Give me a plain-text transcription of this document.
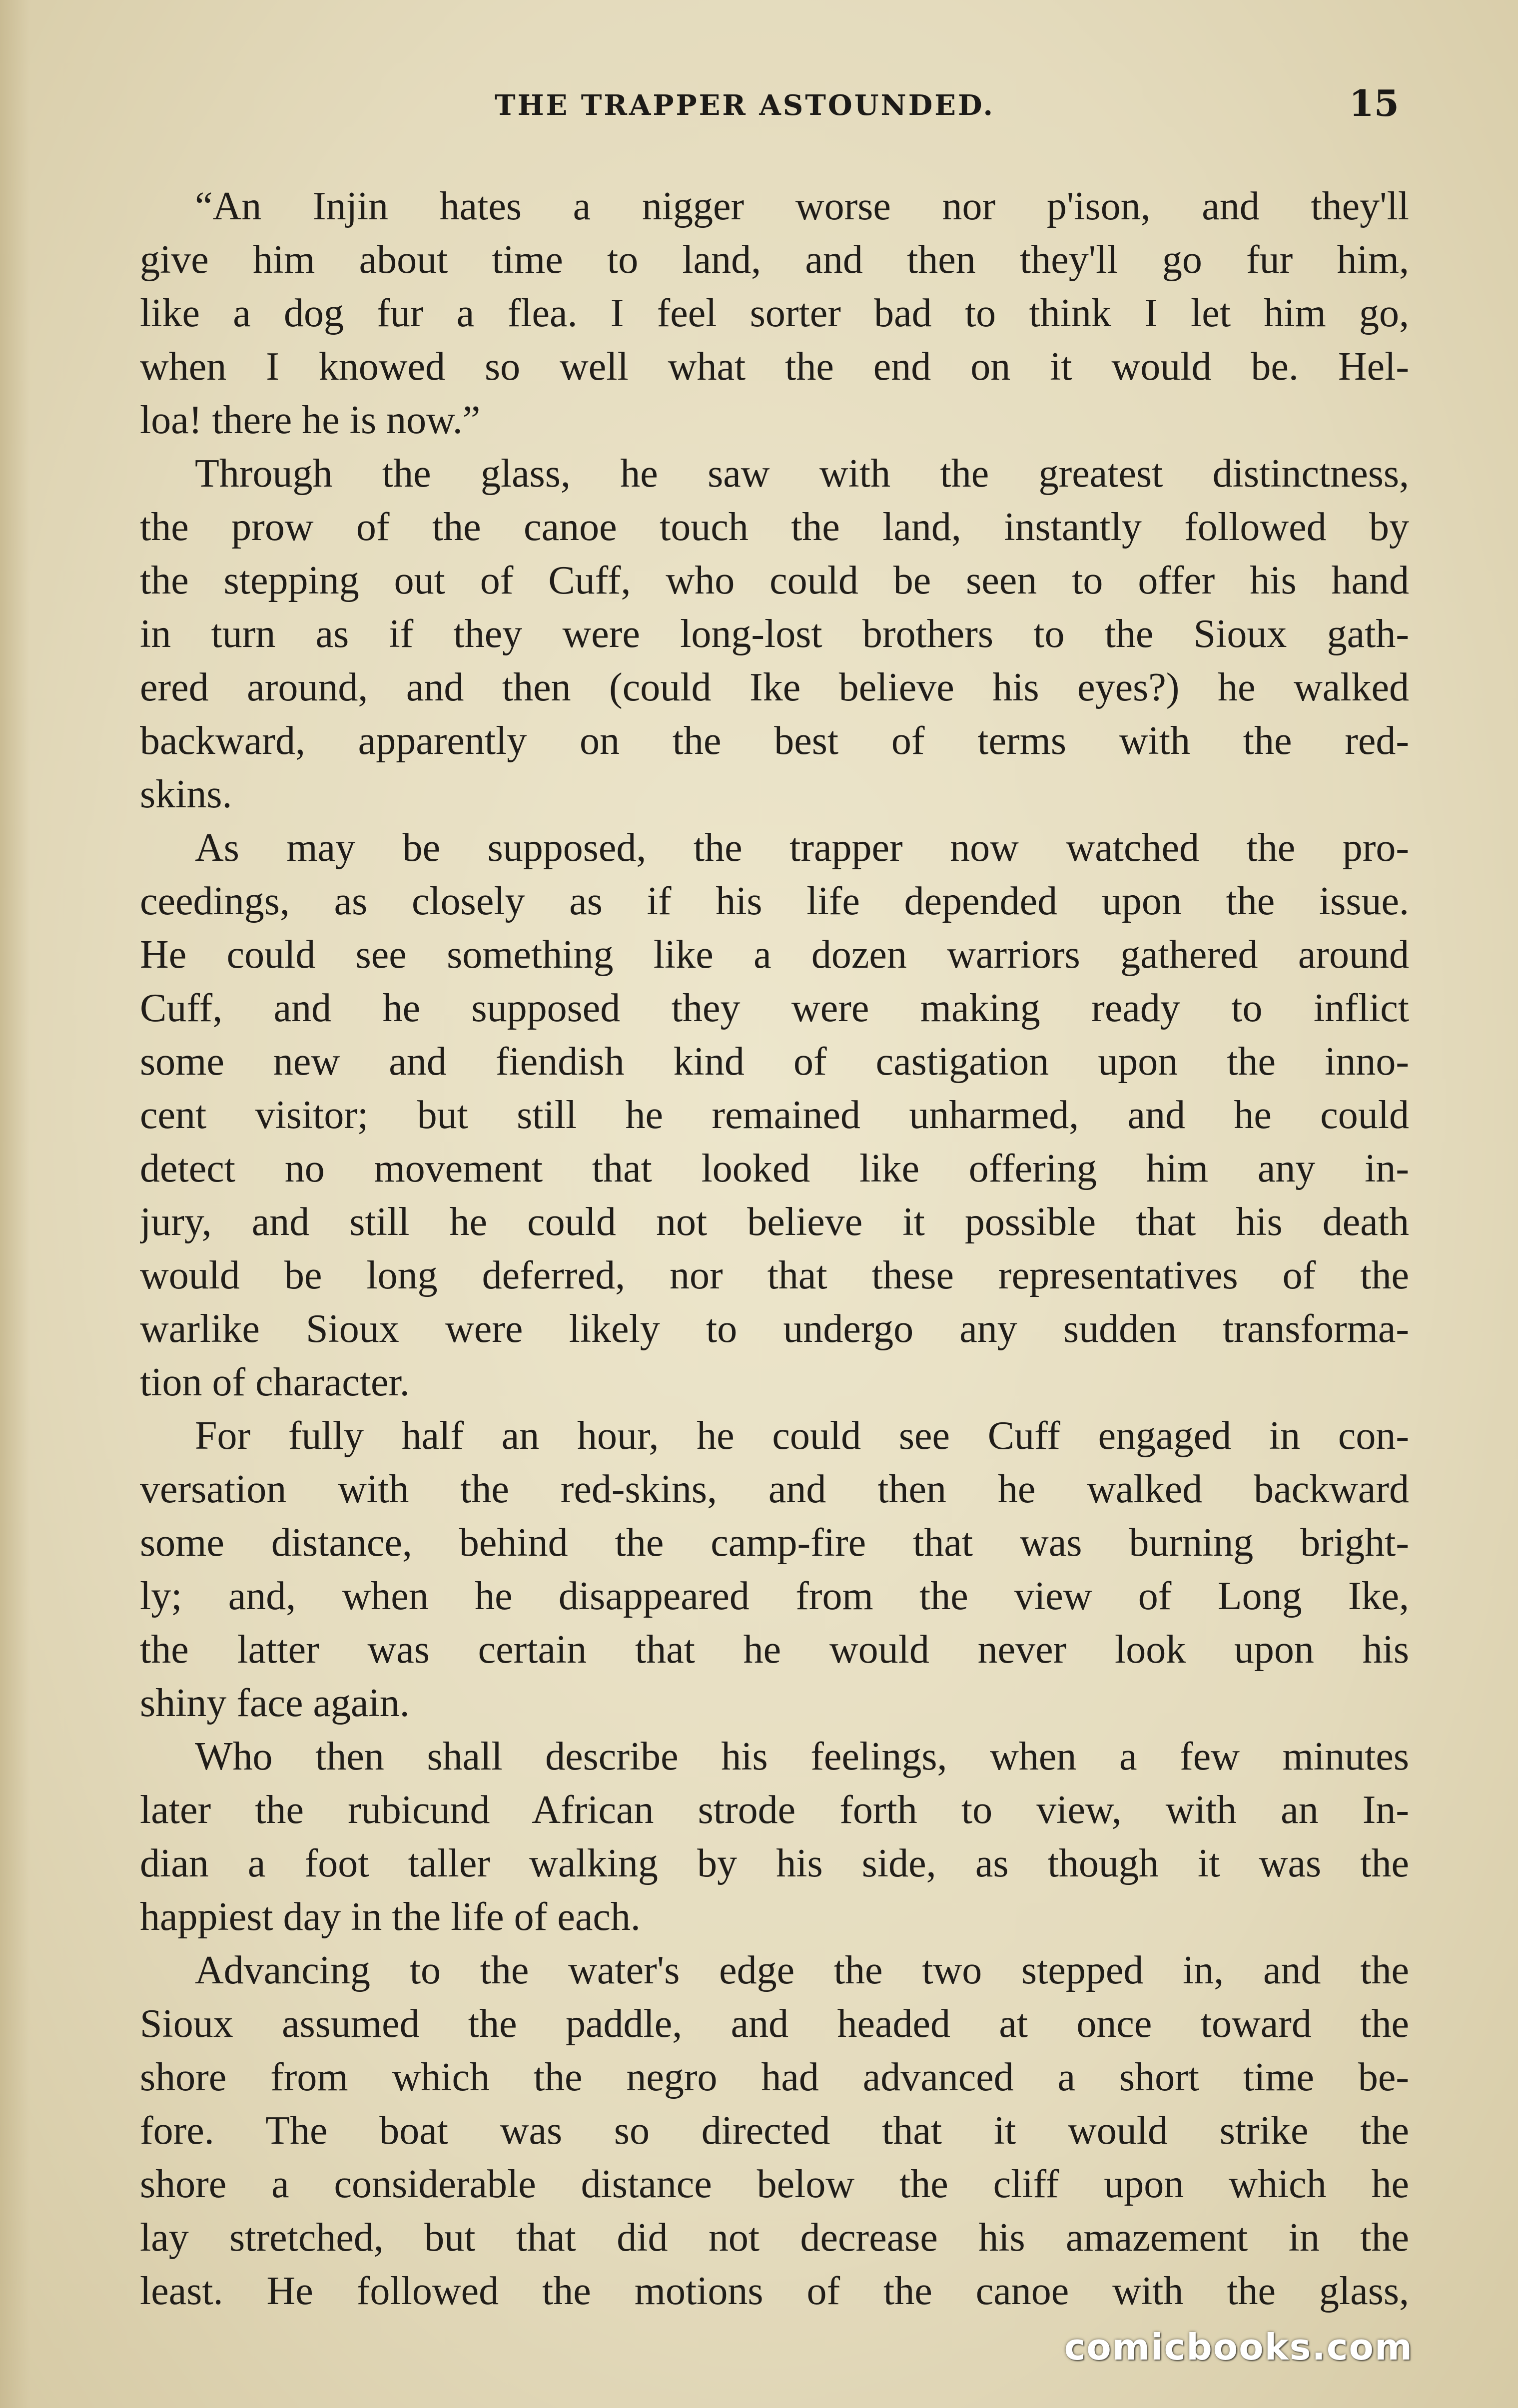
THE TRAPPER ASTOUNDED.	15
“An Injin hates a nigger worse nor p'ison, and they'll
give him about time to land, and then they'll go fur him,
like a dog fur a flea. I feel sorter bad to think I let him go,
when I knowed so well what the end on it would be. Hel-
loa! there he is now.”
Through the glass, he saw with the greatest distinctness,
the prow of the canoe touch the land, instantly followed by
the stepping out of Cuff, who could be seen to offer his hand
in turn as if they were long-lost brothers to the Sioux gath-
ered around, and then (could Ike believe his eyes?) he walked
backward, apparently on the best of terms with the red-
skins.
As may be supposed, the trapper now watched the pro-
ceedings, as closely as if his life depended upon the issue.
He could see something like a dozen warriors gathered around
Cuff, and he supposed they were making ready to inflict
some new and fiendish kind of castigation upon the inno-
cent visitor; but still he remained unharmed, and he could
detect no movement that looked like offering him any in-
jury, and still he could not believe it possible that his death
would be long deferred, nor that these representatives of the
warlike Sioux were likely to undergo any sudden transforma-
tion of character.
For fully half an hour, he could see Cuff engaged in con-
versation with the red-skins, and then he walked backward
some distance, behind the camp-fire that was burning bright-
ly; and, when he disappeared from the view of Long Ike,
the latter was certain that he would never look upon his
shiny face again.
Who then shall describe his feelings, when a few minutes
later the rubicund African strode forth to view, with an In-
dian a foot taller walking by his side, as though it was the
happiest day in the life of each.
Advancing to the water's edge the two stepped in, and the
Sioux assumed the paddle, and headed at once toward the
shore from which the negro had advanced a short time be-
fore. The boat was so directed that it would strike the
shore a considerable distance below the cliff upon which he
lay stretched, but that did not decrease his amazement in the
least. He followed the motions of the canoe with the glass,
comicbooks.com
